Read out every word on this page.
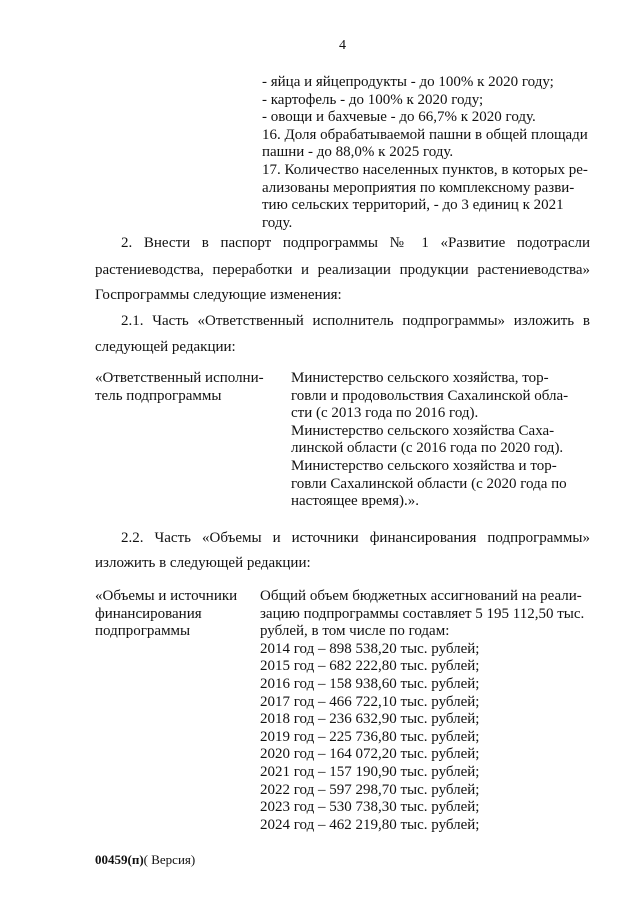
4
- яйца и яйцепродукты - до 100% к 2020 году;
- картофель - до 100% к 2020 году;
- овощи и бахчевые - до 66,7% к 2020 году.
16. Доля обрабатываемой пашни в общей площади
пашни - до 88,0% к 2025 году.
17. Количество населенных пунктов, в которых ре-
ализованы мероприятия по комплексному разви-
тию сельских территорий, - до 3 единиц к 2021
году.
2. Внести в паспорт подпрограммы № 1 «Развитие подотрасли
растениеводства, переработки и реализации продукции растениеводства»
Госпрограммы следующие изменения:
2.1. Часть «Ответственный исполнитель подпрограммы» изложить в
следующей редакции:
«Ответственный исполни-
тель подпрограммы
Министерство сельского хозяйства, тор-
говли и продовольствия Сахалинской обла-
сти (с 2013 года по 2016 год).
Министерство сельского хозяйства Саха-
линской области (с 2016 года по 2020 год).
Министерство сельского хозяйства и тор-
говли Сахалинской области (с 2020 года по
настоящее время).».
2.2. Часть «Объемы и источники финансирования подпрограммы»
изложить в следующей редакции:
«Объемы и источники
финансирования
подпрограммы
Общий объем бюджетных ассигнований на реали-
зацию подпрограммы составляет 5 195 112,50 тыс.
рублей, в том числе по годам:
2014 год – 898 538,20 тыс. рублей;
2015 год – 682 222,80 тыс. рублей;
2016 год – 158 938,60 тыс. рублей;
2017 год – 466 722,10 тыс. рублей;
2018 год – 236 632,90 тыс. рублей;
2019 год – 225 736,80 тыс. рублей;
2020 год – 164 072,20 тыс. рублей;
2021 год – 157 190,90 тыс. рублей;
2022 год – 597 298,70 тыс. рублей;
2023 год – 530 738,30 тыс. рублей;
2024 год – 462 219,80 тыс. рублей;
00459(п)( Версия)
